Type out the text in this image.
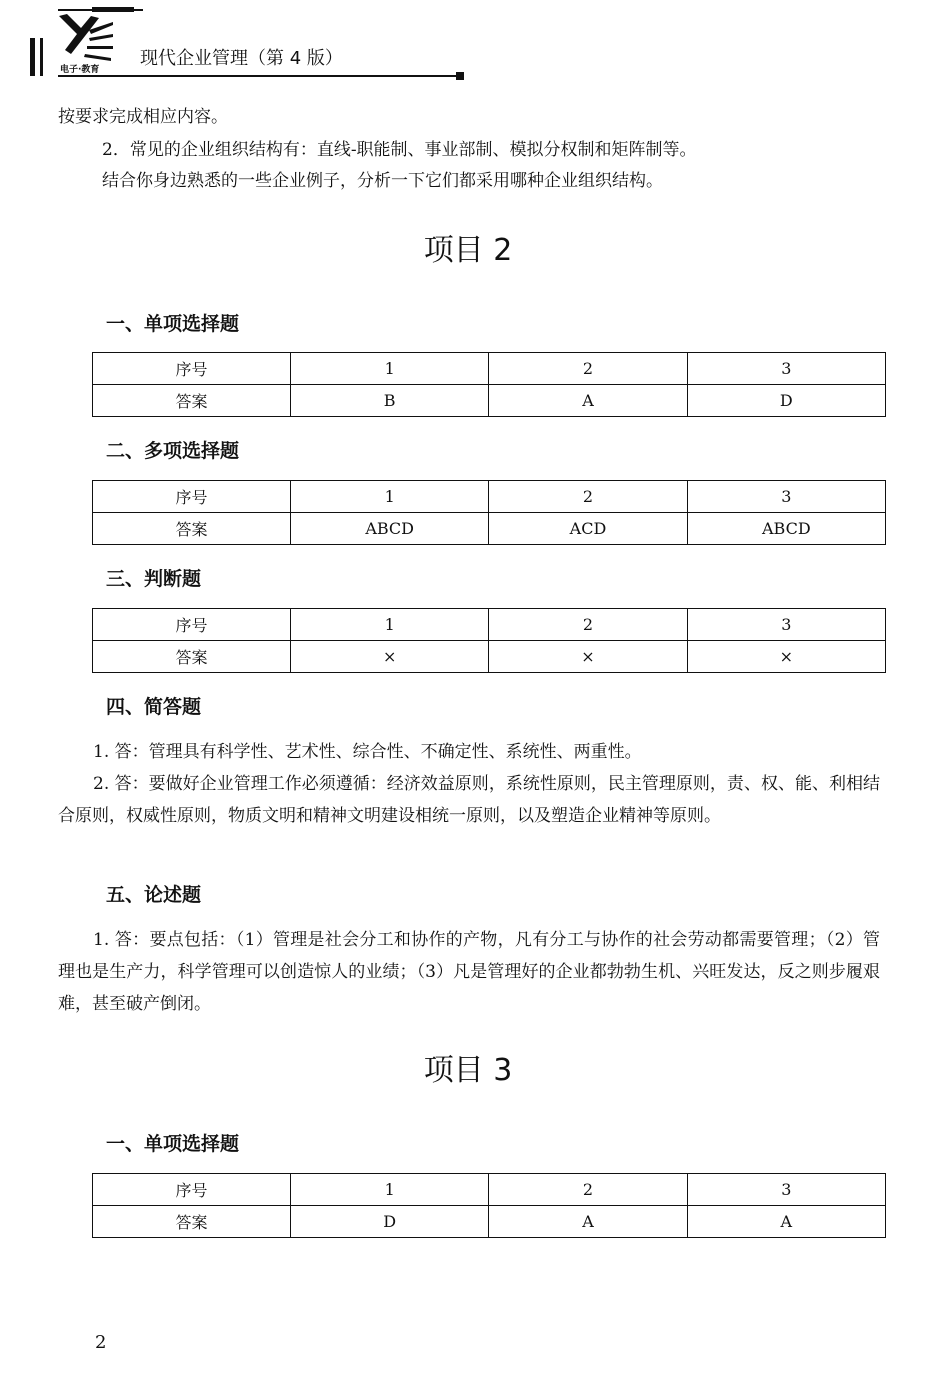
电子·教育
现代企业管理（第 4 版）
按要求完成相应内容。
2．常见的企业组织结构有：直线-职能制、事业部制、模拟分权制和矩阵制等。
结合你身边熟悉的一些企业例子，分析一下它们都采用哪种企业组织结构。
项目 2
一、单项选择题
序号	1	2	3
答案	B	A	D
二、多项选择题
序号	1	2	3
答案	ABCD	ACD	ABCD
三、判断题
序号	1	2	3
答案	×	×	×
四、简答题
1. 答：管理具有科学性、艺术性、综合性、不确定性、系统性、两重性。
2. 答：要做好企业管理工作必须遵循：经济效益原则，系统性原则，民主管理原则，责、权、能、利相结合原则，权威性原则，物质文明和精神文明建设相统一原则，以及塑造企业精神等原则。
五、论述题
1. 答：要点包括：（1）管理是社会分工和协作的产物，凡有分工与协作的社会劳动都需要管理；（2）管理也是生产力，科学管理可以创造惊人的业绩；（3）凡是管理好的企业都勃勃生机、兴旺发达，反之则步履艰难，甚至破产倒闭。
项目 3
一、单项选择题
序号	1	2	3
答案	D	A	A
2
